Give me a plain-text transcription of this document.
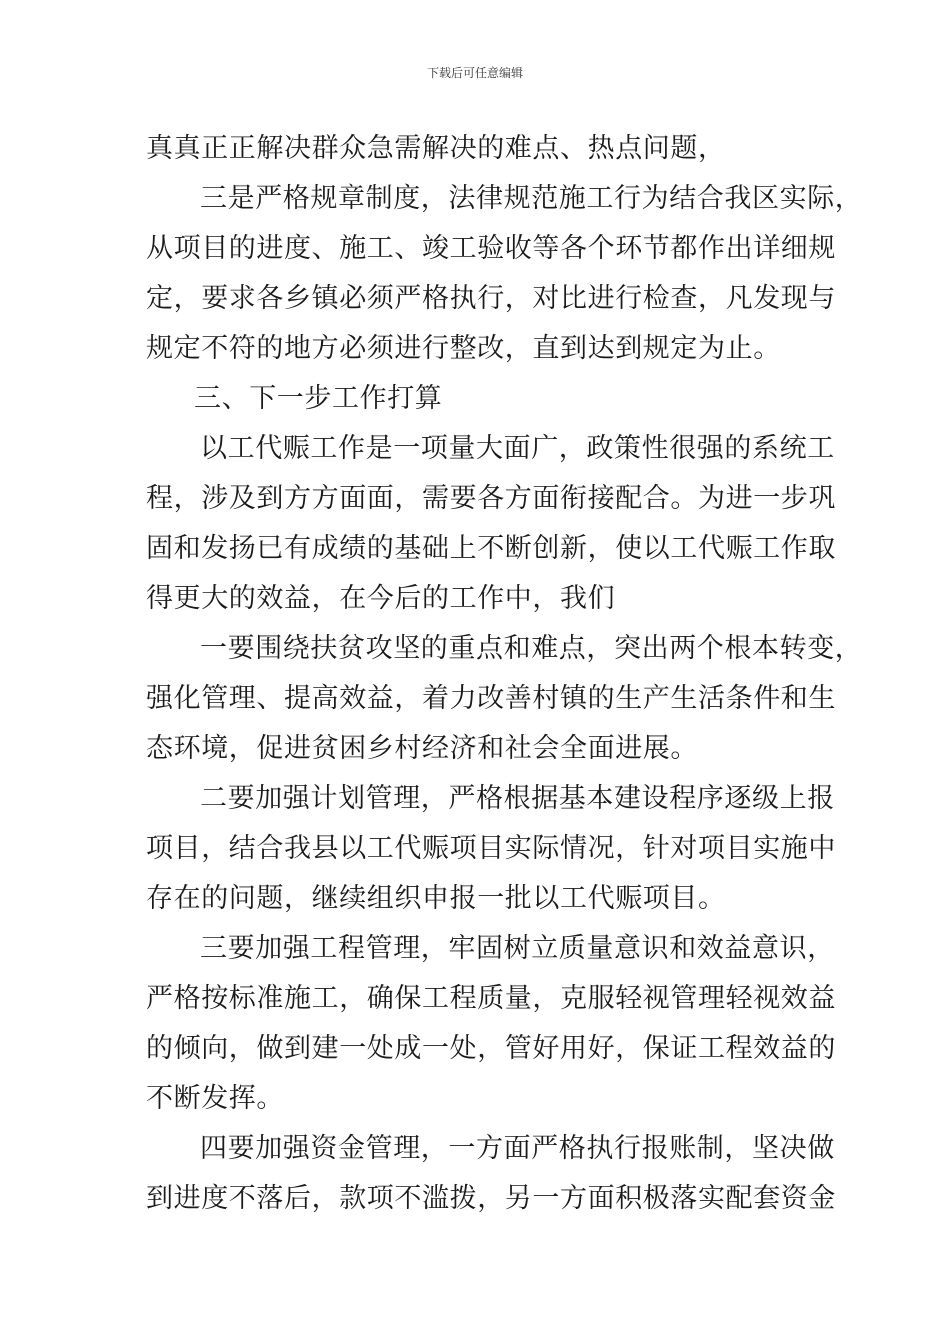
下载后可任意编辑
真真正正解决群众急需解决的难点、热点问题，
三是严格规章制度，法律规范施工行为结合我区实际，
从项目的进度、施工、竣工验收等各个环节都作出详细规
定，要求各乡镇必须严格执行，对比进行检查，凡发现与
规定不符的地方必须进行整改，直到达到规定为止。
三、下一步工作打算
以工代赈工作是一项量大面广，政策性很强的系统工
程，涉及到方方面面，需要各方面衔接配合。为进一步巩
固和发扬已有成绩的基础上不断创新，使以工代赈工作取
得更大的效益，在今后的工作中，我们
一要围绕扶贫攻坚的重点和难点，突出两个根本转变，
强化管理、提高效益，着力改善村镇的生产生活条件和生
态环境，促进贫困乡村经济和社会全面进展。
二要加强计划管理，严格根据基本建设程序逐级上报
项目，结合我县以工代赈项目实际情况，针对项目实施中
存在的问题，继续组织申报一批以工代赈项目。
三要加强工程管理，牢固树立质量意识和效益意识，
严格按标准施工，确保工程质量，克服轻视管理轻视效益
的倾向，做到建一处成一处，管好用好，保证工程效益的
不断发挥。
四要加强资金管理，一方面严格执行报账制，坚决做
到进度不落后，款项不滥拨，另一方面积极落实配套资金
